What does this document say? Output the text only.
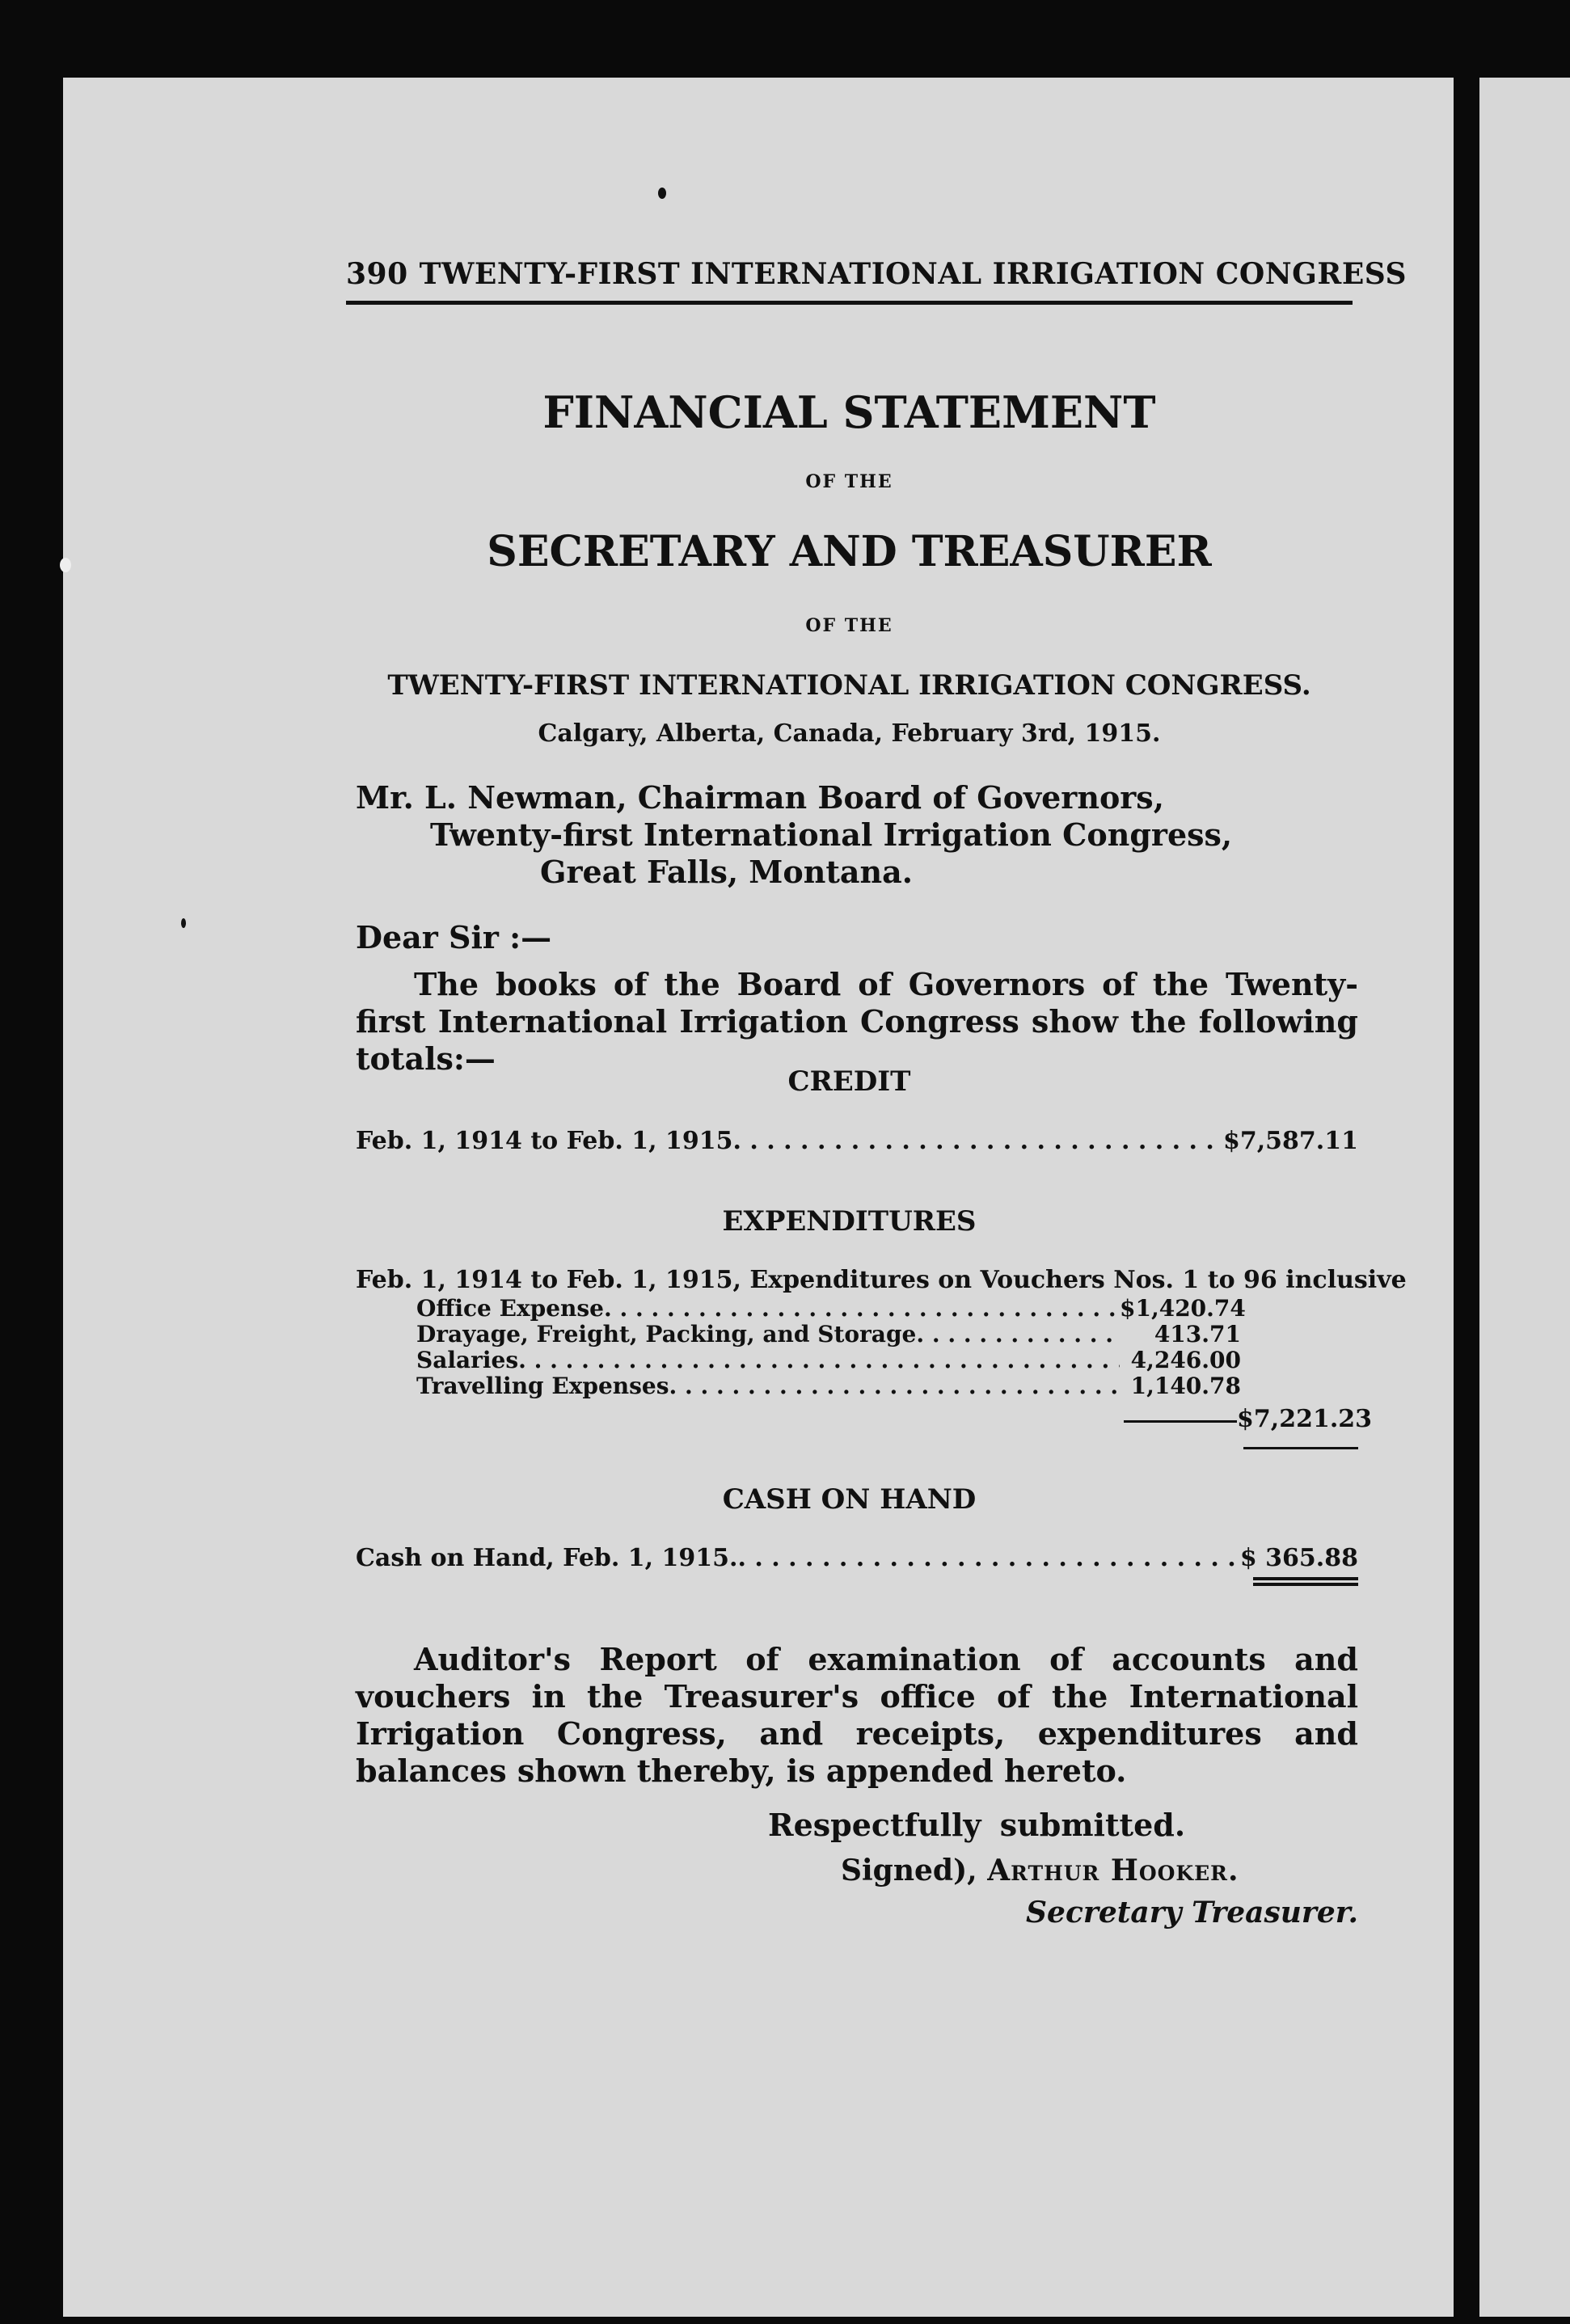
390 TWENTY-FIRST INTERNATIONAL IRRIGATION CONGRESS
FINANCIAL STATEMENT
OF THE
SECRETARY AND TREASURER
OF THE
TWENTY-FIRST INTERNATIONAL IRRIGATION CONGRESS.
Calgary, Alberta, Canada, February 3rd, 1915.
Mr. L. Newman, Chairman Board of Governors,
Twenty-first International Irrigation Congress,
Great Falls, Montana.
Dear Sir :—
The books of the Board of Governors of the Twenty-first International Irrigation Congress show the following totals:—
CREDIT
Feb. 1, 1914 to Feb. 1, 1915 . . .	$7,587.11
EXPENDITURES
Feb. 1, 1914 to Feb. 1, 1915, Expenditures on Vouchers Nos. 1 to 96 inclusive
Office Expense . . .	$1,420.74
Drayage, Freight, Packing, and Storage . . .	413.71
Salaries . . .	4,246.00
Travelling Expenses . . .	1,140.78
$7,221.23
CASH ON HAND
Cash on Hand, Feb. 1, 1915. . . .	$ 365.88
Auditor's Report of examination of accounts and vouchers in the Treasurer's office of the International Irrigation Congress, and receipts, expenditures and balances shown thereby, is appended hereto.
Respectfully submitted.
Signed), Arthur Hooker.
Secretary Treasurer.
